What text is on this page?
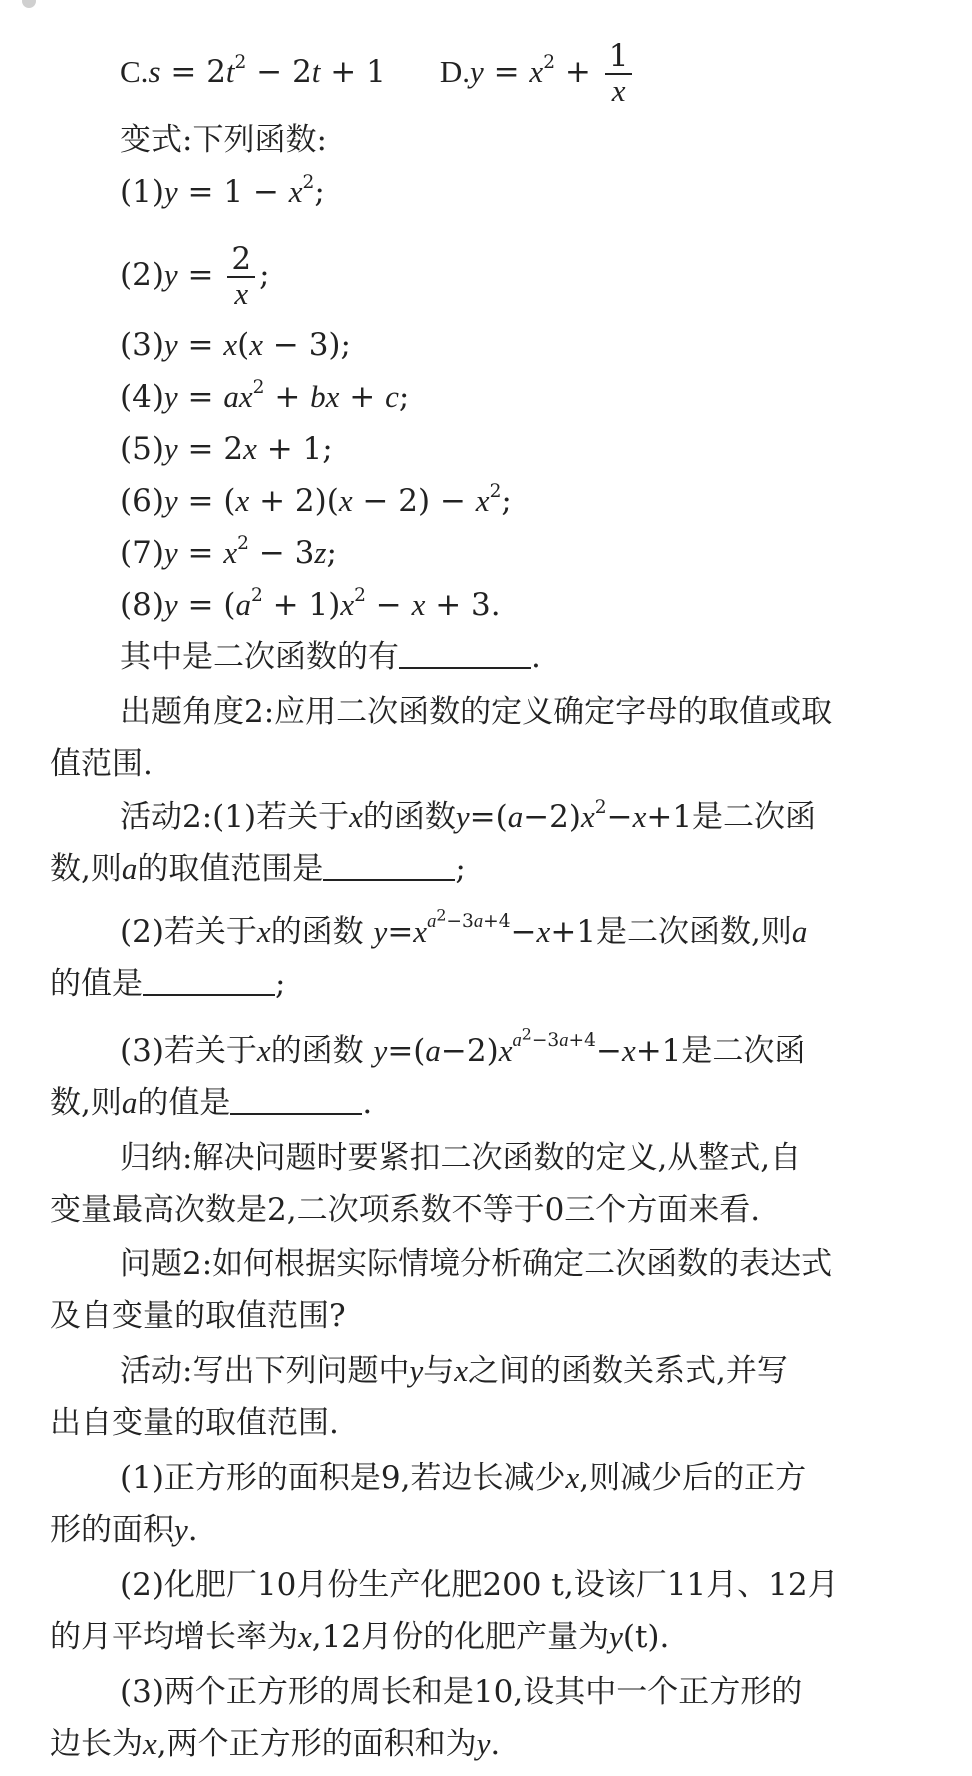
$C.s = 2t^2 - 2t + 1$ $D.y = x^2 + \frac{1}{x}$
变式:下列函数:
$(1)y = 1 - x^2$;
$(2)y = \frac{2}{x}$ ;
(3)y = x(x − 3);
$(4)y = ax^2$ + bx + c;
(5)y = 2x + 1;
$(6)y = (x + 2)(x - 2) - x^2$;
$(7)y = x^2 - 3z$;
$(8)y = (a^2 + 1)x^2 - x + 3$.
其中是二次函数的有	.
出题角度2:应用二次函数的定义确定字母的取值或取
值范围.
活动2:(1)若关于x的函数$y=(a-2)x^2-x+1$是二次函
数,则a的取值范围是	;
(2)若关于x的函数 $y=x^{a^2-3a+4}-x+1$是二次函数,则a
的值是	;
(3)若关于x的函数 $y=(a-2)x^{a^2-3a+4}-x+1$是二次函
数,则a的值是	.
归纳:解决问题时要紧扣二次函数的定义,从整式,自
变量最高次数是2,二次项系数不等于0三个方面来看.
问题2:如何根据实际情境分析确定二次函数的表达式
及自变量的取值范围?
活动:写出下列问题中y与x之间的函数关系式,并写
出自变量的取值范围.
(1)正方形的面积是9,若边长减少x,则减少后的正方
形的面积y.
(2)化肥厂10月份生产化肥200 t,设该厂11月、12月
的月平均增长率为x,12月份的化肥产量为y(t).
(3)两个正方形的周长和是10,设其中一个正方形的
边长为x,两个正方形的面积和为y.
